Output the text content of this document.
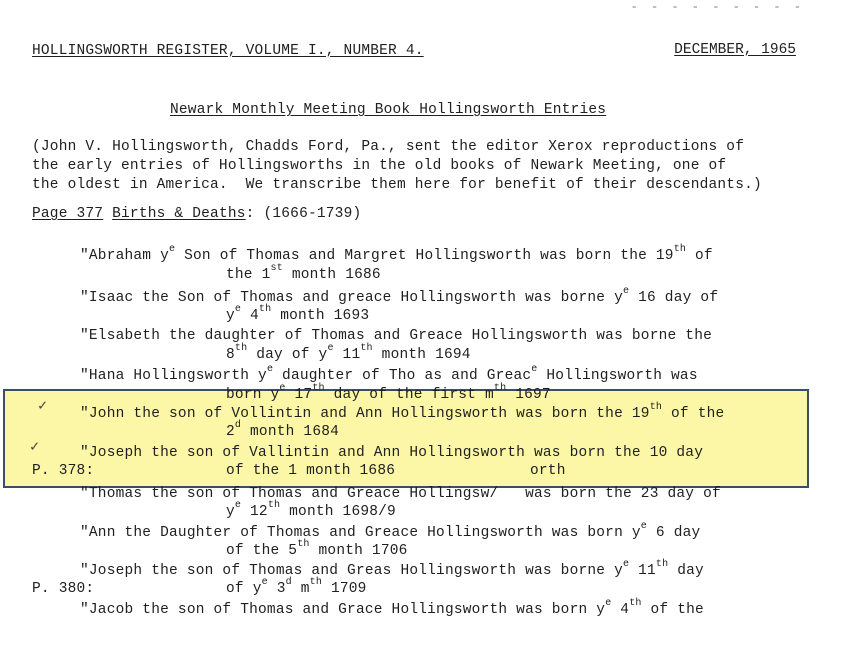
- - - - - - - - -
HOLLINGSWORTH REGISTER, VOLUME I., NUMBER 4.	DECEMBER, 1965
Newark Monthly Meeting Book Hollingsworth Entries
(John V. Hollingsworth, Chadds Ford, Pa., sent the editor Xerox reproductions of
the early entries of Hollingsworths in the old books of Newark Meeting, one of
the oldest in America.  We transcribe them here for benefit of their descendants.)
Page 377 Births & Deaths: (1666-1739)
✓
✓
"Abraham $y^e$ Son of Thomas and Margret Hollingsworth was born the 19th of
the 1st month 1686
"Isaac the Son of Thomas and greace Hollingsworth was borne $y^e$ 16 day of
$y^e$ 4th month 1693
"Elsabeth the daughter of Thomas and Greace Hollingsworth was borne the
8th day of $y^e$ 11th month 1694
"Hana Hollingsworth $y^e$ daughter of Tho as and Greac$^e$ Hollingsworth was
born $y^e$ 17th day of the first $m^{th}$ 1697
"John the son of Vollintin and Ann Hollingsworth was born the 19th of the
2$^d$ month 1684
"Joseph the son of Vallintin and Ann Hollingsworth was born the 10 day
P. 378:	of the 1 month 1686	orth
"Thomas the son of Thomas and Greace Hollingsw/   was born the 23 day of
$y^e$ 12th month 1698/9
"Ann the Daughter of Thomas and Greace Hollingsworth was born $y^e$ 6 day
of the 5th month 1706
"Joseph the son of Thomas and Greas Hollingsworth was borne $y^e$ 11th day
P. 380:	of $y^e$ 3$^d$ $m^{th}$ 1709
"Jacob the son of Thomas and Grace Hollingsworth was born $y^e$ 4th of the
